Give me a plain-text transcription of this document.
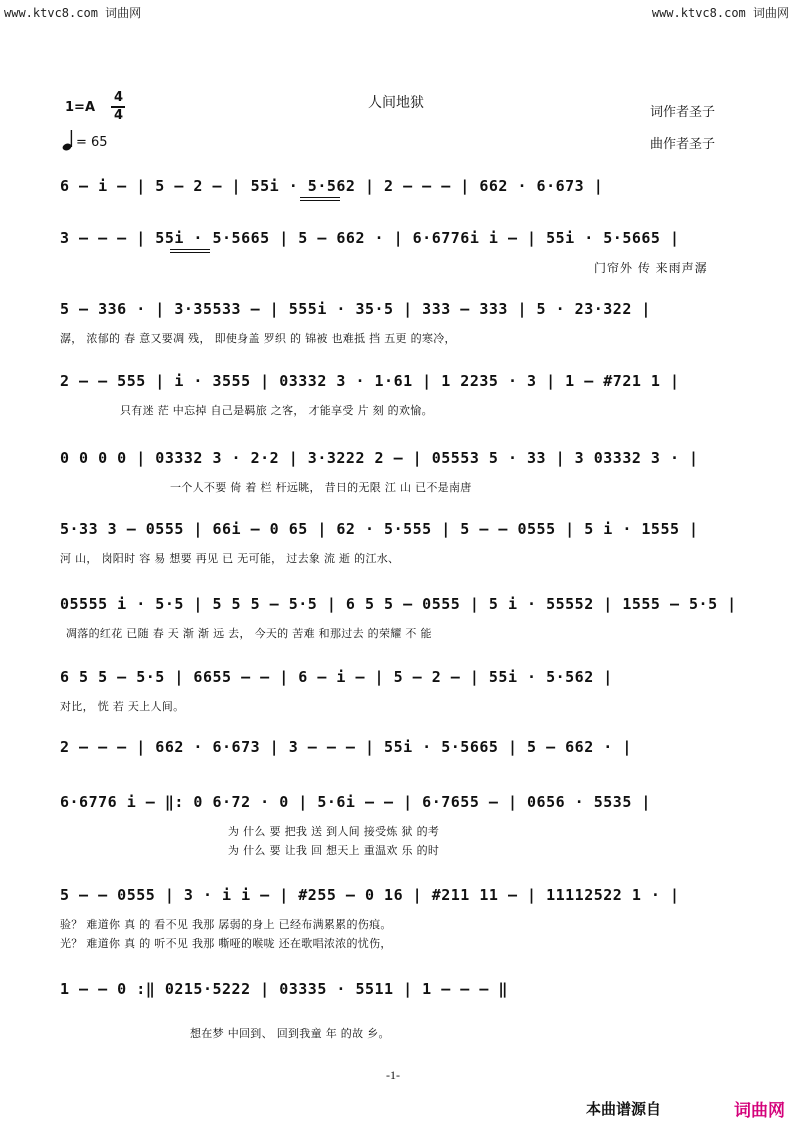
www.ktvc8.com 词曲网	www.ktvc8.com 词曲网
1=A
4
4
人间地狱
词作者圣子
= 65	曲作者圣子
6 – i – | 5 – 2 – | 55i · 5·562 | 2 – – – | 662 · 6·673 |
3 – – – | 55i · 5·5665 | 5 – 662 · | 6·6776i i – | 55i · 5·5665 |
门帘外 传 来雨声潺
5 – 336 · | 3·35533 – | 555i · 35·5 | 333 – 333 | 5 · 23·322 |
潺， 浓郁的 春 意又要凋 残， 即使身盖 罗织 的 锦被 也难抵 挡 五更 的寒冷，
2 – – 555 | i · 3555 | 03332 3 · 1·61 | 1 2235 · 3 | 1 – #721 1 |
只有迷 茫 中忘掉 自己是羁旅 之客， 才能享受 片 刻 的欢愉。
0 0 0 0 | 03332 3 · 2·2 | 3·3222 2 – | 05553 5 · 33 | 3 03332 3 · |
一个人不要 倚 着 栏 杆远眺， 昔日的无限 江 山 已不是南唐
5·33 3 – 0555 | 66i – 0 65 | 62 · 5·555 | 5 – – 0555 | 5 i · 1555 |
河 山， 岗阳时 容 易 想要 再见 已 无可能， 过去象 流 逝 的江水、
05555 i · 5·5 | 5 5 5 – 5·5 | 6 5 5 – 0555 | 5 i · 55552 | 1555 – 5·5 |
凋落的红花 已随 春 天 渐 渐 远 去， 今天的 苦难 和那过去 的荣耀 不 能
6 5 5 – 5·5 | 6655 – – | 6 – i – | 5 – 2 – | 55i · 5·562 |
对比， 恍 若 天上人间。
2 – – – | 662 · 6·673 | 3 – – – | 55i · 5·5665 | 5 – 662 · |
6·6776 i – ‖: 0 6·72 · 0 | 5·6i – – | 6·7655 – | 0656 · 5535 |
为 什么 要 把我 送 到人间 接受炼 狱 的考
为 什么 要 让我 回 想天上 重温欢 乐 的时
5 – – 0555 | 3 · i i – | #255 – 0 16 | #211 11 – | 11112522 1 · |
验？ 难道你 真 的 看不见 我那 孱弱的身上 已经布满累累的伤痕。
光？ 难道你 真 的 听不见 我那 嘶哑的喉咙 还在歌唱浓浓的忧伤，
1 – – 0 :‖ 0215·5222 | 03335 · 5511 | 1 – – – ‖
想在梦 中回到、 回到我童 年 的故 乡。
-1-
本曲谱源自	词曲网
